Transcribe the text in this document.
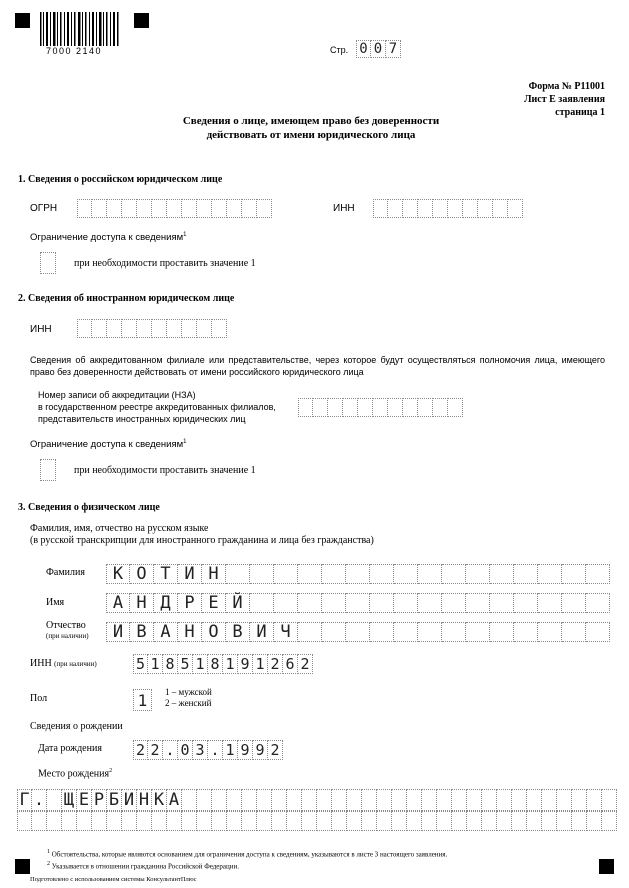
7000 2140	Стр. 0 0 7
Форма № Р11001
Лист Е заявления
страница 1
Сведения о лице, имеющем право без доверенности
действовать от имени юридического лица
1. Сведения о российском юридическом лице
ОГРН	ИНН
Ограничение доступа к сведениям$^1$
при необходимости проставить значение 1
2. Сведения об иностранном юридическом лице
ИНН
Сведения об аккредитованном филиале или представительстве, через которое будут осуществляться полномочия лица, имеющего право без доверенности действовать от имени российского юридического лица
Номер записи об аккредитации (НЗА)
в государственном реестре аккредитованных филиалов,
представительств иностранных юридических лиц
Ограничение доступа к сведениям$^1$
при необходимости проставить значение 1
3. Сведения о физическом лице
Фамилия, имя, отчество на русском языке
(в русской транскрипции для иностранного гражданина и лица без гражданства)
Фамилия	К О Т И Н
Имя	А Н Д Р Е Й
Отчество
(при наличии)	И В А Н О В И Ч
ИНН (при наличии)	5 1 8 5 1 8 1 9 1 2 6 2
Пол	1	1 – мужской
2 – женский
Сведения о рождении
Дата рождения 2 2 . 0 3 . 1 9 9 2
Место рождения$^2$
Г . Щ Е Р Б И Н К А
$^1$ Обстоятельства, которые являются основанием для ограничения доступа к сведениям, указываются в листе З настоящего заявления.
$^2$ Указывается в отношении гражданина Российской Федерации.
Подготовлено с использованием системы КонсультантПлюс
